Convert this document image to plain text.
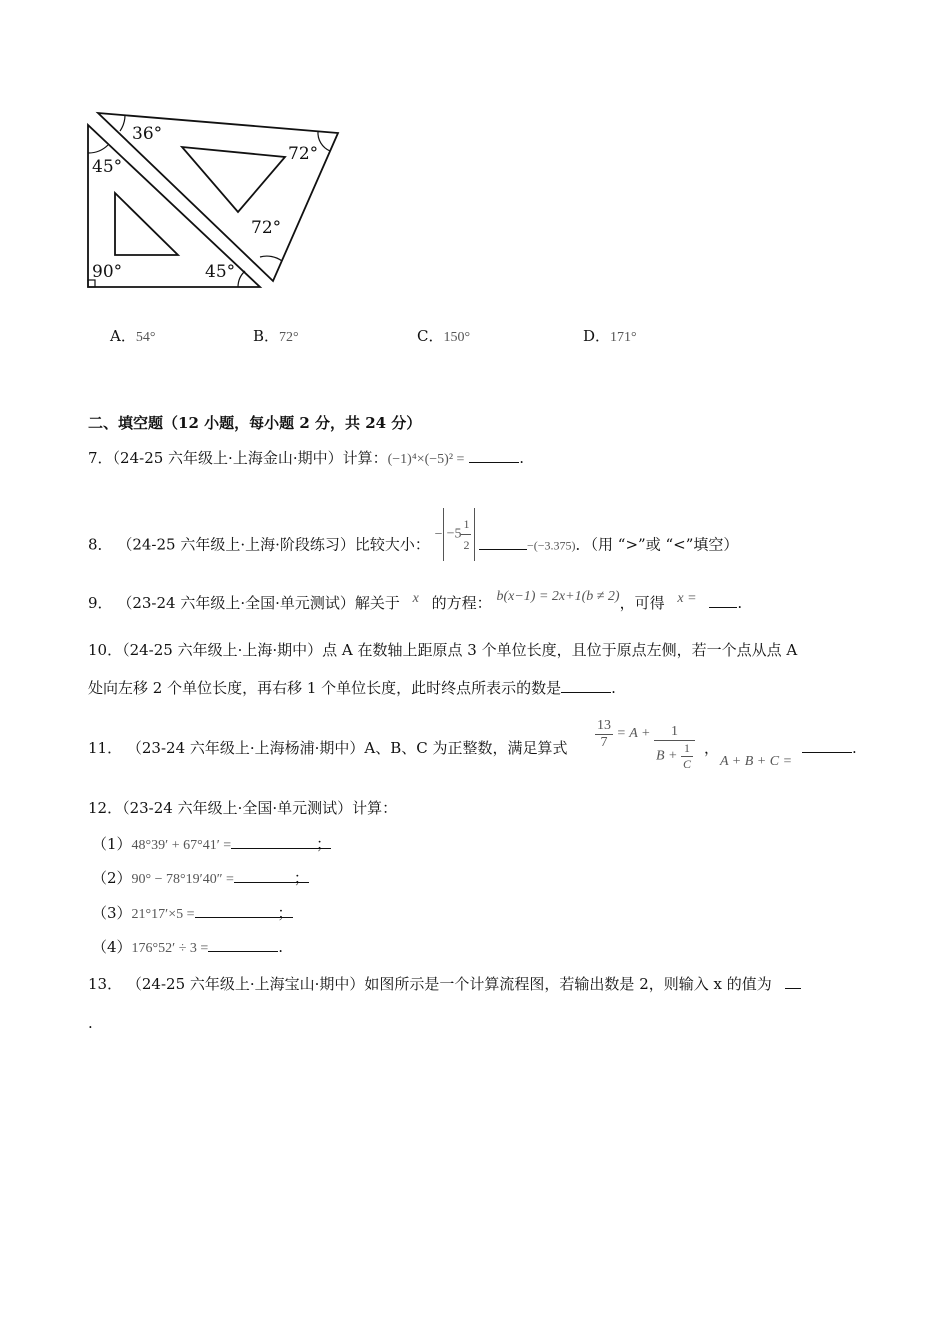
36°
45°
72°
72°
90°	45°
A．54°	B．72°	C．150°	D．171°
二、填空题（12 小题，每小题 2 分，共 24 分）
7．（24-25 六年级上·上海金山·期中）计算：(−1)⁴×(−5)² =	.
8． （24-25 六年级上·上海·阶段练习）比较大小： − $-5 \frac{1}{2}$	−(−3.375)．（用 “>”或 “<”填空）
9． （23-24 六年级上·全国·单元测试）解关于 x 的方程： b(x−1) = 2x+1(b ≠ 2)，可得 x =	.
10．（24-25 六年级上·上海·期中）点 A 在数轴上距原点 3 个单位长度，且位于原点左侧，若一个点从点 A
处向左移 2 个单位长度，再右移 1 个单位长度，此时终点所表示的数是	.
11． （23-24 六年级上·上海杨浦·期中）A、B、C 为正整数，满足算式 $\frac{13}{7} = A + \frac{1}{B + \frac{1}{C}}$ ，
A + B + C =
.
12．（23-24 六年级上·全国·单元测试）计算：
（1）48°39′ + 67°41′ =	；
（2）90° − 78°19′40″ =	；
（3）21°17′×5 =	；
（4）176°52′ ÷ 3 =	.
13． （24-25 六年级上·上海宝山·期中）如图所示是一个计算流程图，若输出数是 2，则输入 x 的值为
.
